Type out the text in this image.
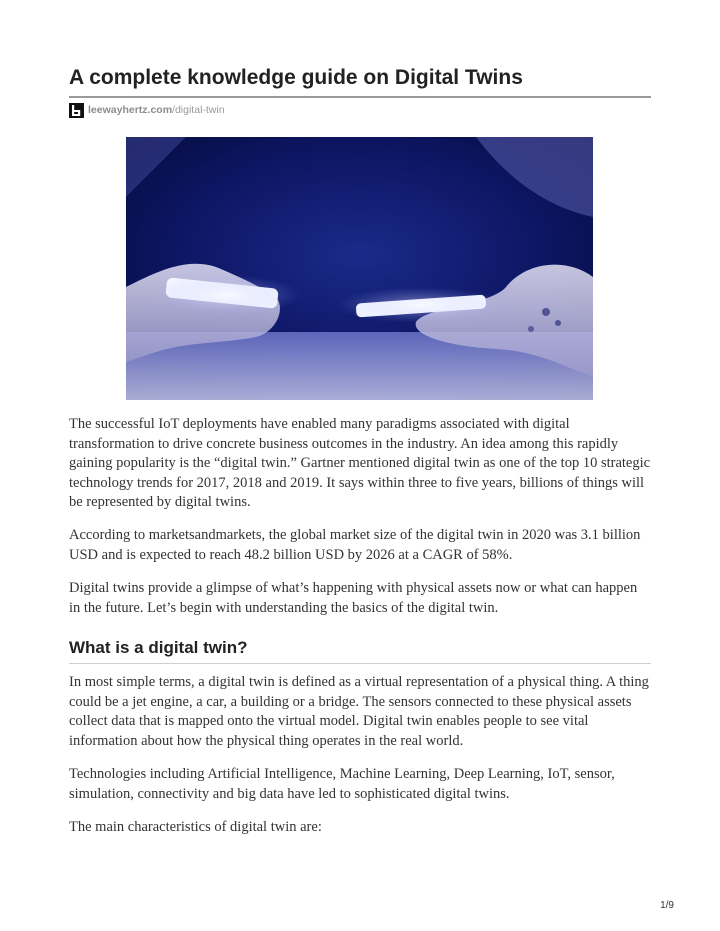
A complete knowledge guide on Digital Twins
leewayhertz.com/digital-twin

The successful IoT deployments have enabled many paradigms associated with digital transformation to drive concrete business outcomes in the industry. An idea among this rapidly gaining popularity is the “digital twin.” Gartner mentioned digital twin as one of the top 10 strategic technology trends for 2017, 2018 and 2019. It says within three to five years, billions of things will be represented by digital twins.

According to marketsandmarkets, the global market size of the digital twin in 2020 was 3.1 billion USD and is expected to reach 48.2 billion USD by 2026 at a CAGR of 58%.

Digital twins provide a glimpse of what’s happening with physical assets now or what can happen in the future. Let’s begin with understanding the basics of the digital twin.

What is a digital twin?

In most simple terms, a digital twin is defined as a virtual representation of a physical thing. A thing could be a jet engine, a car, a building or a bridge. The sensors connected to these physical assets collect data that is mapped onto the virtual model. Digital twin enables people to see vital information about how the physical thing operates in the real world.

Technologies including Artificial Intelligence, Machine Learning, Deep Learning, IoT, sensor, simulation, connectivity and big data have led to sophisticated digital twins.

The main characteristics of digital twin are:

1/9
